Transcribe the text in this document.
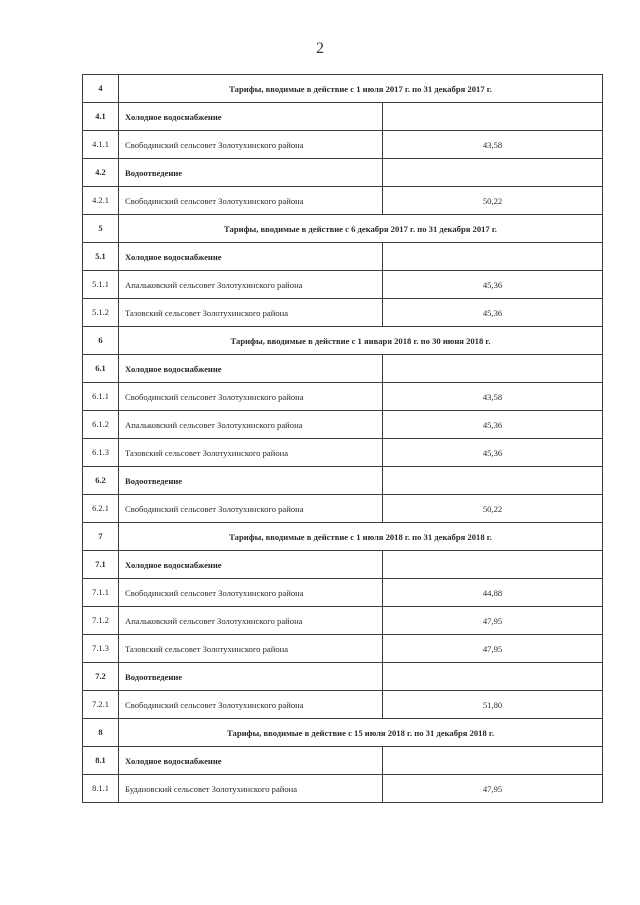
2
4	Тарифы, вводимые в действие с 1 июля 2017 г. по 31 декабря 2017 г.	
4.1	Холодное водоснабжение	
4.1.1	Свободинский сельсовет Золотухинского района	43,58
4.2	Водоотведение	
4.2.1	Свободинский сельсовет Золотухинского района	50,22
5	Тарифы, вводимые в действие с 6 декабря 2017 г. по 31 декабря 2017 г.	
5.1	Холодное водоснабжение	
5.1.1	Апальковский сельсовет Золотухинского района	45,36
5.1.2	Тазовский сельсовет Золотухинского района	45,36
6	Тарифы, вводимые в действие с 1 января 2018 г. по 30 июня 2018 г.	
6.1	Холодное водоснабжение	
6.1.1	Свободинский сельсовет Золотухинского района	43,58
6.1.2	Апальковский сельсовет Золотухинского района	45,36
6.1.3	Тазовский сельсовет Золотухинского района	45,36
6.2	Водоотведение	
6.2.1	Свободинский сельсовет Золотухинского района	50,22
7	Тарифы, вводимые в действие с 1 июля 2018 г. по 31 декабря 2018 г.	
7.1	Холодное водоснабжение	
7.1.1	Свободинский сельсовет Золотухинского района	44,88
7.1.2	Апальковский сельсовет Золотухинского района	47,95
7.1.3	Тазовский сельсовет Золотухинского района	47,95
7.2	Водоотведение	
7.2.1	Свободинский сельсовет Золотухинского района	51,80
8	Тарифы, вводимые в действие с 15 июля 2018 г. по 31 декабря 2018 г.	
8.1	Холодное водоснабжение	
8.1.1	Будановский сельсовет Золотухинского района	47,95
